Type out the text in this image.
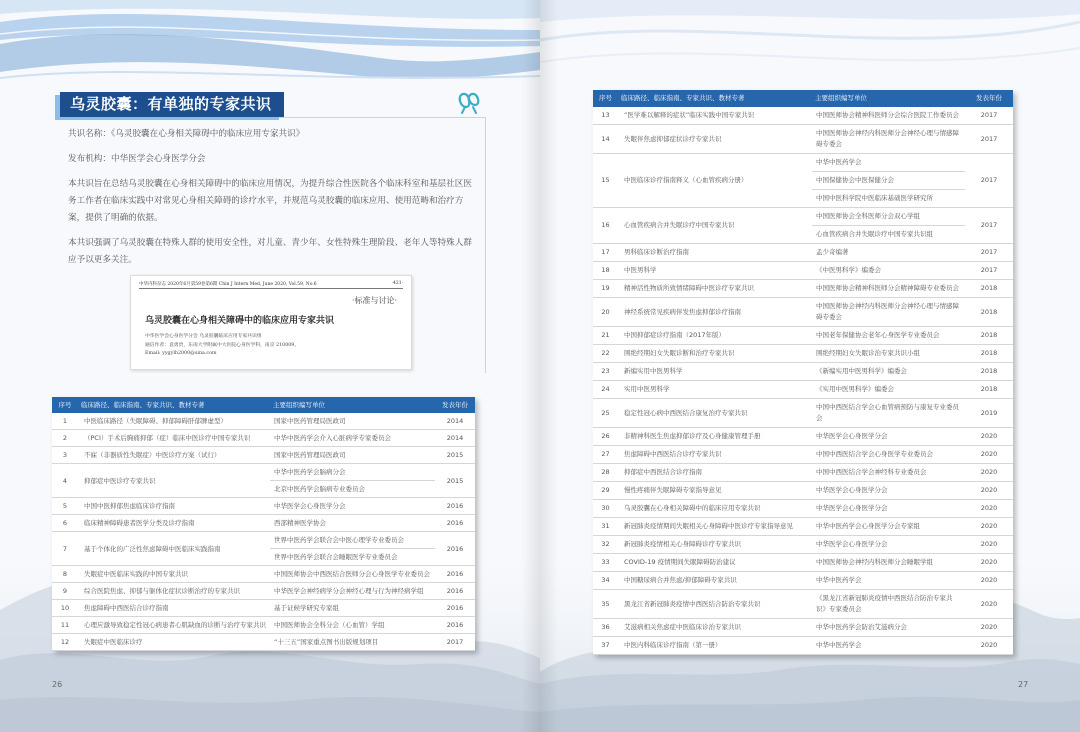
乌灵胶囊：有单独的专家共识

共识名称：《乌灵胶囊在心身相关障碍中的临床应用专家共识》

发布机构：中华医学会心身医学分会

本共识旨在总结乌灵胶囊在心身相关障碍中的临床应用情况，为提升综合性医院各个临床科室和基层社区医务工作者在临床实践中对常见心身相关障碍的诊疗水平，并规范乌灵胶囊的临床应用、使用范畴和治疗方案，提供了明确的依据。

本共识强调了乌灵胶囊在特殊人群的使用安全性，对儿童、青少年、女性特殊生理阶段、老年人等特殊人群应予以更多关注。

中华内科杂志 2020年6月第59卷第6期 Chin J Intern Med, June 2020, Vol.59, No.6	·421·
·标准与讨论·
乌灵胶囊在心身相关障碍中的临床应用专家共识
中华医学会心身医学分会 乌灵胶囊临床应用专家共识组
通信作者：袁勇贵，东南大学附属中大医院心身医学科，南京 210009，
Email: yygylh2000@sina.com
序号	临床路径、临床指南、专家共识、教材专著	主要组织编写单位	发表年份
1	中医临床路径（失眠障碍、抑郁障碍肝郁脾虚型）	国家中医药管理局医政司	2014
2	（PCI）手术后胸痛抑郁（症）临床中医诊疗中国专家共识	中华中医药学会介入心脏病学专家委员会	2014
3	不寐（非器质性失眠症）中医诊疗方案（试行）	国家中医药管理局医政司	2015
4	抑郁症中医诊疗专家共识	中华中医药学会脑病分会
北京中医药学会脑病专业委员会	2015
5	中国中医抑郁焦虑临床诊疗指南	中华医学会心身医学分会	2016
6	临床精神障碍患者医学分类及诊疗指南	西部精神医学协会	2016
7	基于个体化的广泛性焦虑障碍中医临床实践指南	世界中医药学会联合会中医心理学专业委员会
世界中医药学会联合会睡眠医学专业委员会	2016
8	失眠症中医临床实践的中国专家共识	中国医师协会中西医结合医师分会心身医学专业委员会	2016
9	综合医院焦虑、抑郁与躯体化症状诊断治疗的专家共识	中华医学会神经病学分会神经心理与行为神经病学组	2016
10	焦虑障碍中西医结合诊疗指南	基于证候学研究专家组	2016
11	心理应激导致稳定性冠心病患者心肌缺血的诊断与治疗专家共识	中国医师协会全科分会（心血管）学组	2016
12	失眠症中医临床诊疗	“十三五”国家重点图书出版规划项目	2017
26
序号	临床路径、临床指南、专家共识、教材专著	主要组织编写单位	发表年份
13	“医学难以解释的症状”临床实践中国专家共识	中国医师协会精神科医师分会综合医院工作委员会	2017
14	失眠伴焦虑抑郁症状诊疗专家共识	中国医师协会神经内科医师分会神经心理与情感障碍专委会	2017
15	中医临床诊疗指南释义（心血管疾病分册）	中华中医药学会
中国保健协会中医保健分会
中国中医科学院中医临床基础医学研究所	2017
16	心血管疾病合并失眠诊疗中国专家共识	中国医师协会全科医师分会双心学组
心血管疾病合并失眠诊疗中国专家共识组	2017
17	男科临床诊断治疗指南	孟少奇编著	2017
18	中医男科学	《中医男科学》编委会	2017
19	精神活性物质所致情绪障碍中医诊疗专家共识	中国医师协会精神科医师分会精神障碍专业委员会	2018
20	神经系统常见疾病伴发焦虑抑郁诊疗指南	中国医师协会神经内科医师分会神经心理与情感障碍专委会	2018
21	中国抑郁症诊疗指南（2017年版）	中国老年保健协会老年心身医学专业委员会	2018
22	围绝经期妇女失眠诊断和治疗专家共识	围绝经期妇女失眠诊治专家共识小组	2018
23	新编实用中医男科学	《新编实用中医男科学》编委会	2018
24	实用中医男科学	《实用中医男科学》编委会	2018
25	稳定性冠心病中西医结合康复治疗专家共识	中国中西医结合学会心血管病预防与康复专业委员会	2019
26	非精神科医生焦虑抑郁诊疗及心身健康管理手册	中华医学会心身医学分会	2020
27	焦虑障碍中西医结合诊疗专家共识	中国中西医结合学会心身医学专业委员会	2020
28	抑郁症中西医结合诊疗指南	中国中西医结合学会神经科专业委员会	2020
29	慢性疼痛伴失眠障碍专家指导意见	中华医学会心身医学分会	2020
30	乌灵胶囊在心身相关障碍中的临床应用专家共识	中华医学会心身医学分会	2020
31	新冠肺炎疫情期间失眠相关心身障碍中医诊疗专家指导意见	中华中医药学会心身医学分会专家组	2020
32	新冠肺炎疫情相关心身障碍诊疗专家共识	中华医学会心身医学分会	2020
33	COVID-19 疫情期间失眠障碍防治建议	中国医师协会神经内科医师分会睡眠学组	2020
34	中国糖尿病合并焦虑/抑郁障碍专家共识	中华中医药学会	2020
35	黑龙江省新冠肺炎疫情中西医结合防治专家共识	《黑龙江省新冠肺炎疫情中西医结合防治专家共识》专家委员会	2020
36	艾滋病相关焦虑症中医临床诊治专家共识	中华中医药学会防治艾滋病分会	2020
37	中医内科临床诊疗指南（第一册）	中华中医药学会	2020
27
